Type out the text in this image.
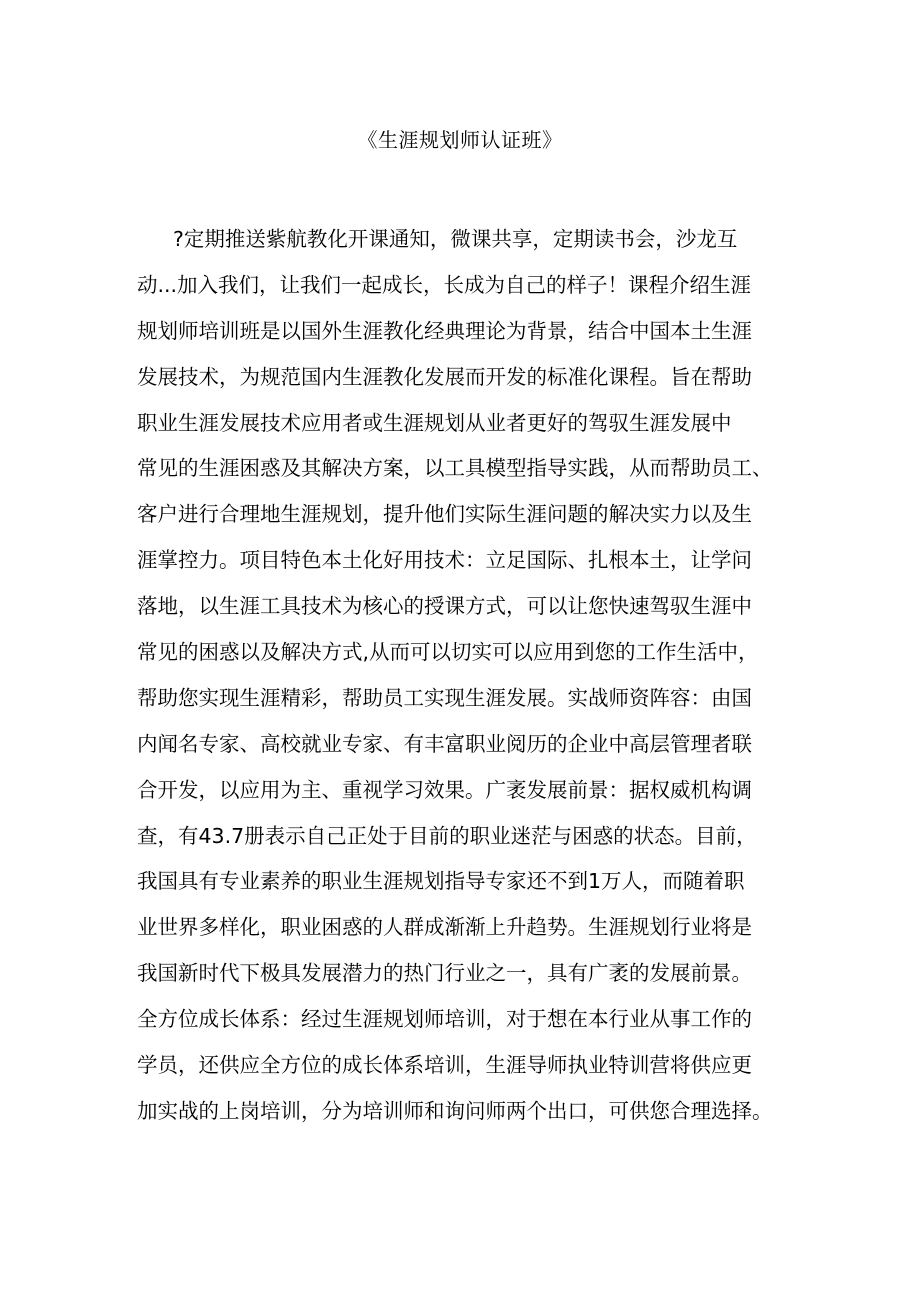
《生涯规划师认证班》
?定期推送紫航教化开课通知，微课共享，定期读书会，沙龙互
动...加入我们，让我们一起成长，长成为自己的样子！课程介绍生涯
规划师培训班是以国外生涯教化经典理论为背景，结合中国本土生涯
发展技术，为规范国内生涯教化发展而开发的标准化课程。旨在帮助
职业生涯发展技术应用者或生涯规划从业者更好的驾驭生涯发展中
常见的生涯困惑及其解决方案，以工具模型指导实践，从而帮助员工、
客户进行合理地生涯规划，提升他们实际生涯问题的解决实力以及生
涯掌控力。项目特色本土化好用技术：立足国际、扎根本土，让学问
落地，以生涯工具技术为核心的授课方式，可以让您快速驾驭生涯中
常见的困惑以及解决方式,从而可以切实可以应用到您的工作生活中，
帮助您实现生涯精彩，帮助员工实现生涯发展。实战师资阵容：由国
内闻名专家、高校就业专家、有丰富职业阅历的企业中高层管理者联
合开发，以应用为主、重视学习效果。广袤发展前景：据权威机构调
查，有43.7册表示自己正处于目前的职业迷茫与困惑的状态。目前，
我国具有专业素养的职业生涯规划指导专家还不到1万人，而随着职
业世界多样化，职业困惑的人群成渐渐上升趋势。生涯规划行业将是
我国新时代下极具发展潜力的热门行业之一，具有广袤的发展前景。
全方位成长体系：经过生涯规划师培训，对于想在本行业从事工作的
学员，还供应全方位的成长体系培训，生涯导师执业特训营将供应更
加实战的上岗培训，分为培训师和询问师两个出口，可供您合理选择。
